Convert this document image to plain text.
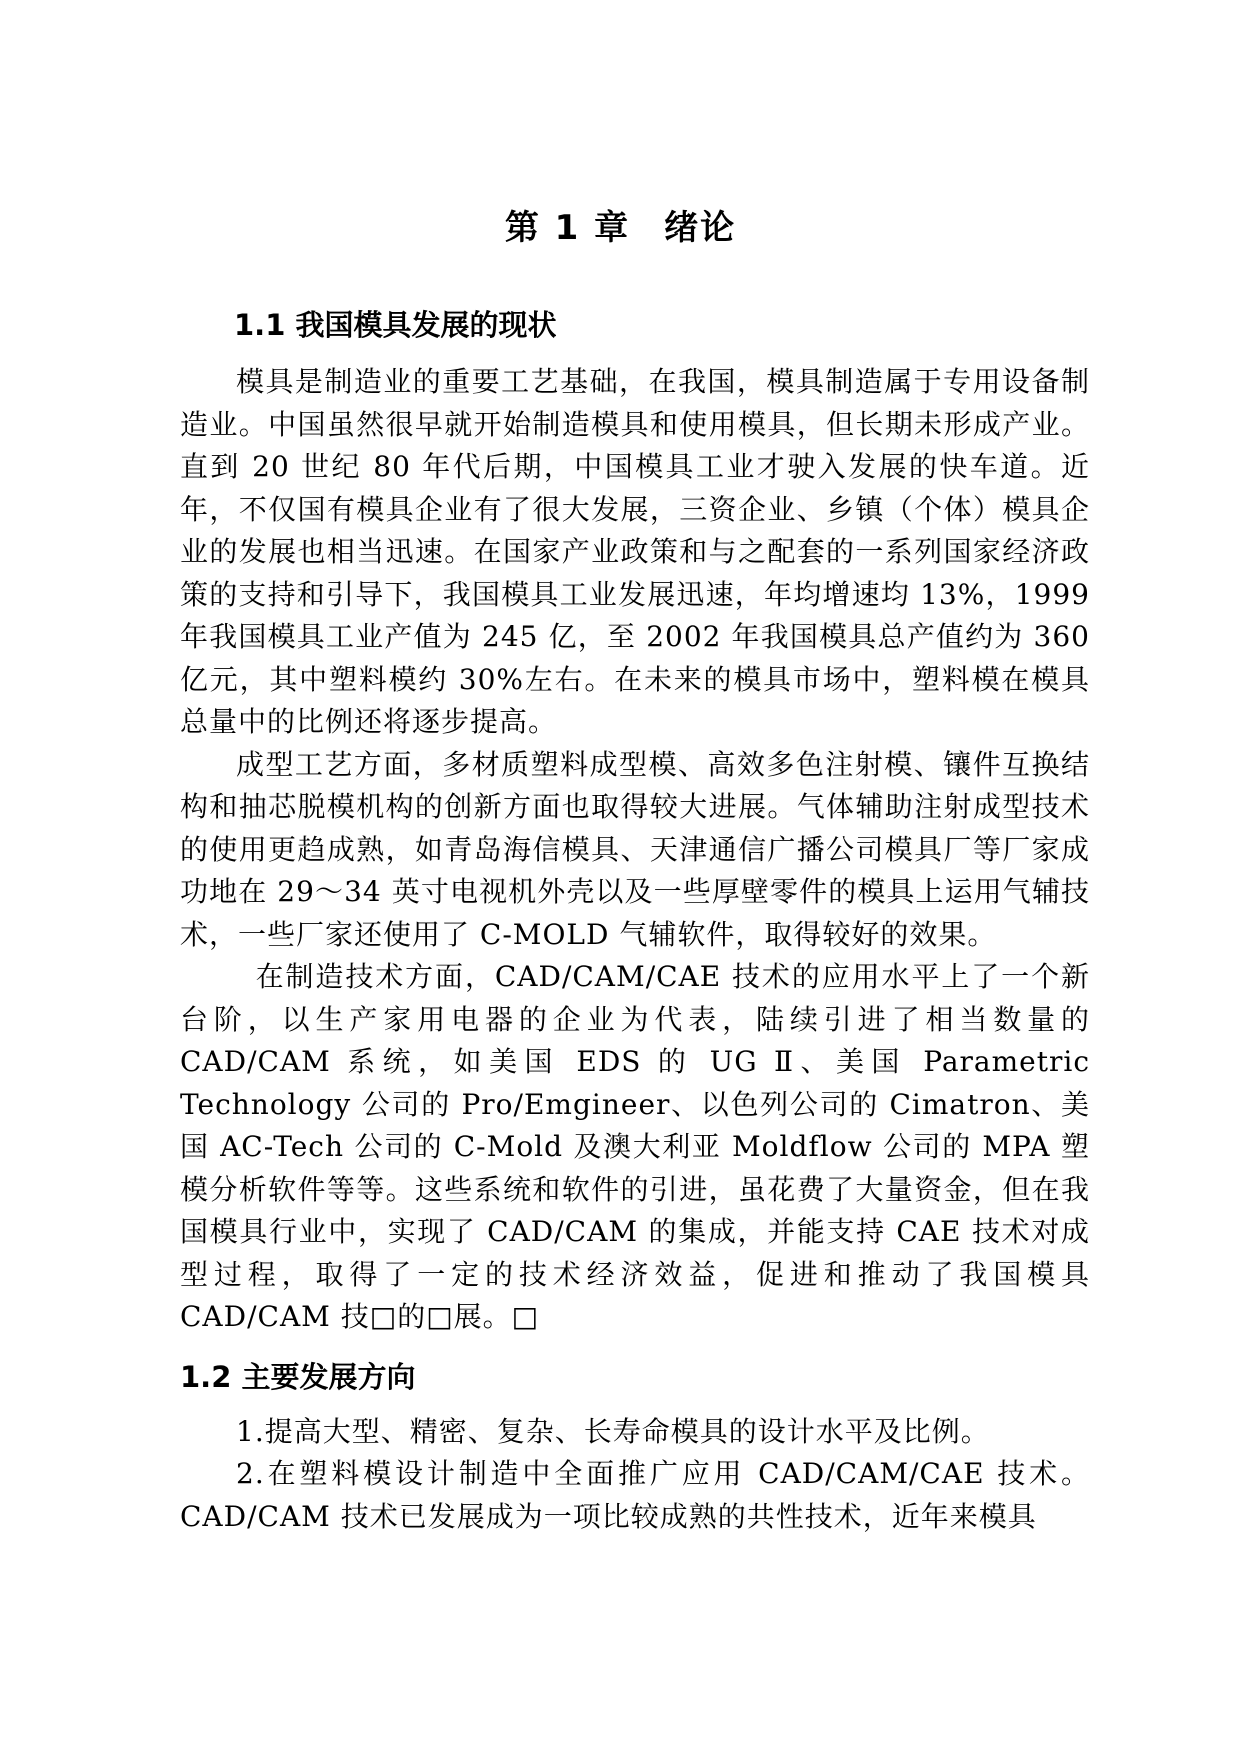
第 1 章 绪论
1.1 我国模具发展的现状

模具是制造业的重要工艺基础，在我国，模具制造属于专用设备制造业。中国虽然很早就开始制造模具和使用模具，但长期未形成产业。直到 20 世纪 80 年代后期，中国模具工业才驶入发展的快车道。近年，不仅国有模具企业有了很大发展，三资企业、乡镇（个体）模具企业的发展也相当迅速。在国家产业政策和与之配套的一系列国家经济政策的支持和引导下，我国模具工业发展迅速，年均增速均 13%，1999 年我国模具工业产值为 245 亿，至 2002 年我国模具总产值约为 360 亿元，其中塑料模约 30%左右。在未来的模具市场中，塑料模在模具总量中的比例还将逐步提高。

成型工艺方面，多材质塑料成型模、高效多色注射模、镶件互换结构和抽芯脱模机构的创新方面也取得较大进展。气体辅助注射成型技术的使用更趋成熟，如青岛海信模具、天津通信广播公司模具厂等厂家成功地在 29～34 英寸电视机外壳以及一些厚壁零件的模具上运用气辅技术，一些厂家还使用了 C-MOLD 气辅软件，取得较好的效果。

在制造技术方面，CAD/CAM/CAE 技术的应用水平上了一个新台阶，以生产家用电器的企业为代表，陆续引进了相当数量的 CAD/CAM 系统，如美国 EDS 的 UG Ⅱ、美国 Parametric Technology 公司的 Pro/Emgineer、以色列公司的 Cimatron、美国 AC-Tech 公司的 C-Mold 及澳大利亚 Moldflow 公司的 MPA 塑模分析软件等等。这些系统和软件的引进，虽花费了大量资金，但在我国模具行业中，实现了 CAD/CAM 的集成，并能支持 CAE 技术对成型过程，取得了一定的技术经济效益，促进和推动了我国模具 CAD/CAM 技□的□展。□

1.2 主要发展方向

1.提高大型、精密、复杂、长寿命模具的设计水平及比例。

2.在塑料模设计制造中全面推广应用 CAD/CAM/CAE 技术。CAD/CAM 技术已发展成为一项比较成熟的共性技术，近年来模具
